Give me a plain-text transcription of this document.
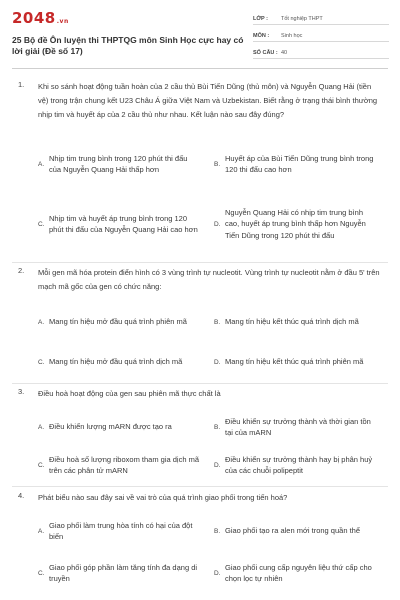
2048.vn
25 Bộ đề Ôn luyện thi THPTQG môn Sinh Học cực hay có lời giải (Đề số 17)
LỚP :	Tốt nghiệp THPT
MÔN :	Sinh học
SỐ CÂU : 40
1. Khi so sánh hoạt động tuần hoàn của 2 cầu thủ Bùi Tiến Dũng (thủ môn) và Nguyễn Quang Hải (tiền vệ) trong trận chung kết U23 Châu Á giữa Việt Nam và Uzbekistan. Biết rằng ở trạng thái bình thường nhịp tim và huyết áp của 2 cầu thủ như nhau. Kết luận nào sau đây đúng?
A.
Nhịp tim trung bình trong 120 phút thi đấu của Nguyễn Quang Hải thấp hơn
B.
Huyết áp của Bùi Tiến Dũng trung bình trong 120 thi đấu cao hơn
C.
Nhịp tim và huyết áp trung bình trong 120 phút thi đấu của Nguyễn Quang Hải cao hơn
D.
Nguyễn Quang Hải có nhịp tim trung bình cao, huyết áp trung bình thấp hơn Nguyễn Tiến Dũng trong 120 phút thi đấu
2. Mỗi gen mã hóa protein điển hình có 3 vùng trình tự nucleotit. Vùng trình tự nucleotit nằm ở đầu 5' trên mạch mã gốc của gen có chức năng:
A. Mang tín hiệu mở đầu quá trình phiên mã	B. Mang tín hiệu kết thúc quá trình dịch mã
C. Mang tín hiệu mở đầu quá trình dịch mã	D. Mang tín hiệu kết thúc quá trình phiên mã
3. Điều hoà hoạt động của gen sau phiên mã thực chất là
A. Điều khiển lượng mARN được tạo ra	B.
Điều khiển sự trưởng thành và thời gian tồn tại của mARN
C.
Điều hoà số lượng riboxom tham gia dịch mã trên các phân tử mARN
D.
Điều khiển sự trưởng thành hay bị phân huỷ của các chuỗi polipeptit
4. Phát biểu nào sau đây sai về vai trò của quá trình giao phối trong tiến hoá?
A.
Giao phối làm trung hòa tính có hại của đột biến
B. Giao phối tạo ra alen mới trong quần thể
C.
Giao phối góp phần làm tăng tính đa dạng di truyền
D.
Giao phối cung cấp nguyên liệu thứ cấp cho chọn lọc tự nhiên
